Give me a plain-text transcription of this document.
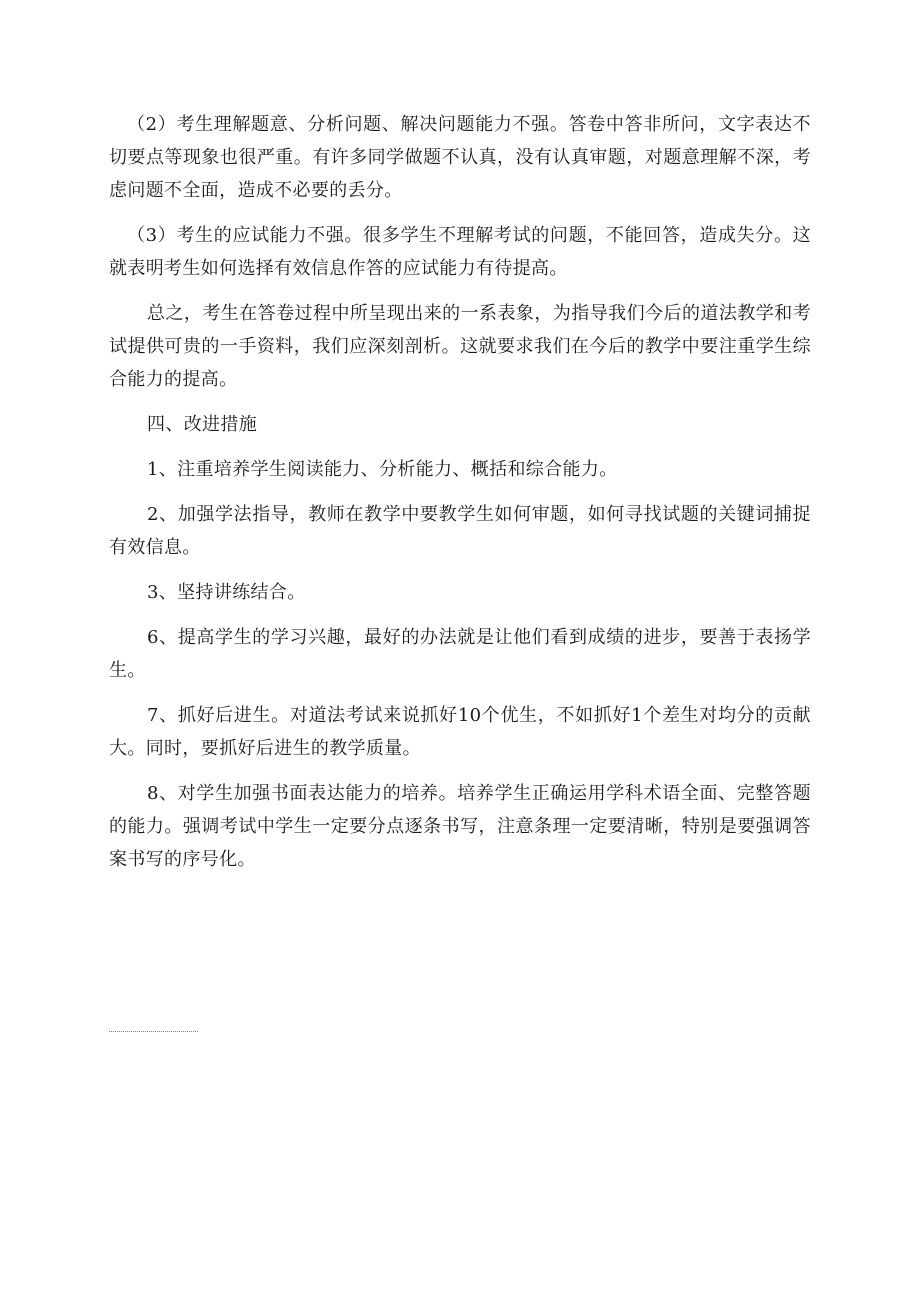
（2）考生理解题意、分析问题、解决问题能力不强。答卷中答非所问，文字表达不切要点等现象也很严重。有许多同学做题不认真，没有认真审题，对题意理解不深，考虑问题不全面，造成不必要的丢分。

（3）考生的应试能力不强。很多学生不理解考试的问题，不能回答，造成失分。这就表明考生如何选择有效信息作答的应试能力有待提高。

总之，考生在答卷过程中所呈现出来的一系表象，为指导我们今后的道法教学和考试提供可贵的一手资料，我们应深刻剖析。这就要求我们在今后的教学中要注重学生综合能力的提高。

四、改进措施

1、注重培养学生阅读能力、分析能力、概括和综合能力。

2、加强学法指导，教师在教学中要教学生如何审题，如何寻找试题的关键词捕捉有效信息。

3、坚持讲练结合。

6、提高学生的学习兴趣，最好的办法就是让他们看到成绩的进步，要善于表扬学生。

7、抓好后进生。对道法考试来说抓好10个优生，不如抓好1个差生对均分的贡献大。同时，要抓好后进生的教学质量。

8、对学生加强书面表达能力的培养。培养学生正确运用学科术语全面、完整答题的能力。强调考试中学生一定要分点逐条书写，注意条理一定要清晰，特别是要强调答案书写的序号化。
